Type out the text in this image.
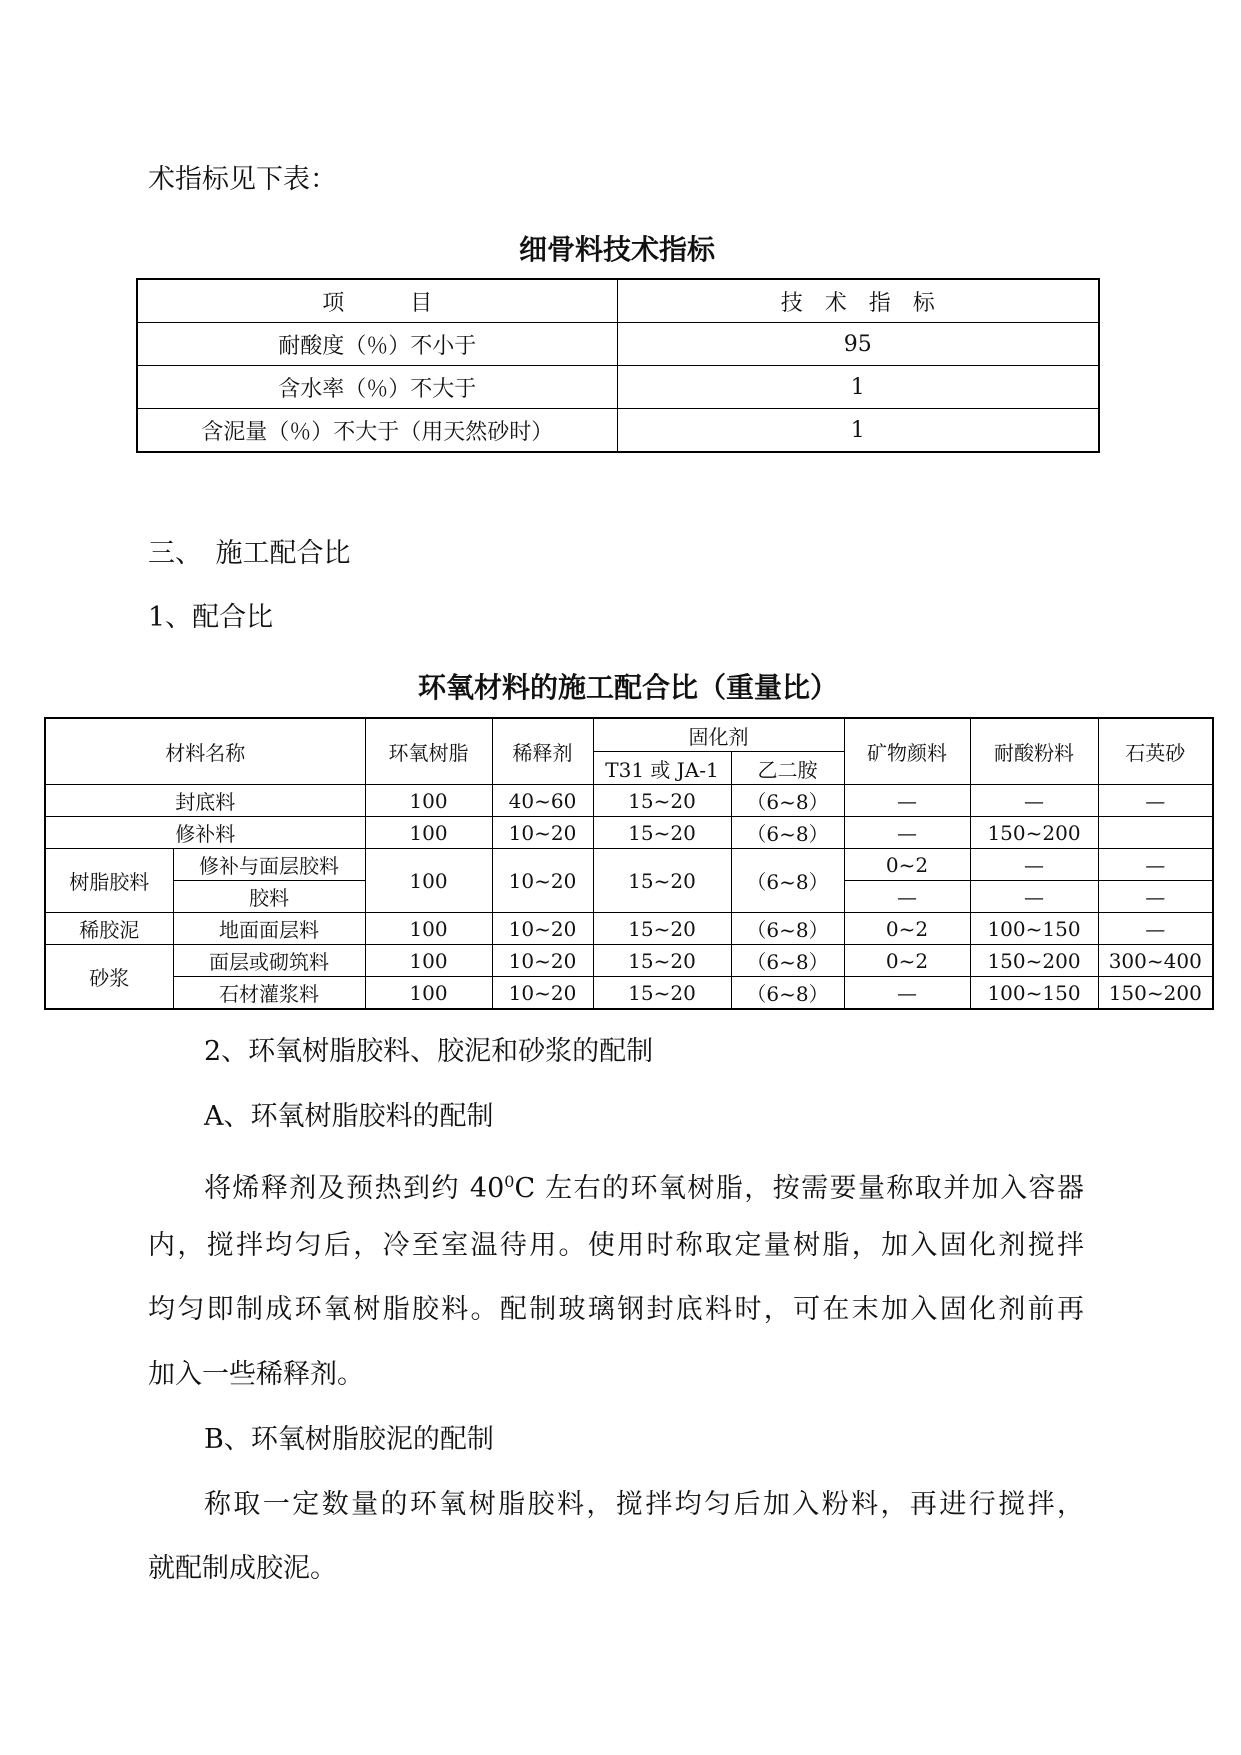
术指标见下表：
细骨料技术指标
项　　　目	技　术　指　标
耐酸度（％）不小于	95
含水率（％）不大于	1
含泥量（％）不大于（用天然砂时）	1
三、　施工配合比
1、配合比
环氧材料的施工配合比（重量比）
材料名称		环氧树脂	稀释剂	固化剂		矿物颜料	耐酸粉料	石英砂
				T31 或 JA-1	乙二胺			
封底料		100	40~60	15~20	（6~8）	—	—	—
修补料		100	10~20	15~20	（6~8）	—	150~200	
树脂胶料	修补与面层胶料	100	10~20	15~20	（6~8）	0~2	—	—
	胶料					—	—	—
稀胶泥	地面面层料	100	10~20	15~20	（6~8）	0~2	100~150	—
砂浆	面层或砌筑料	100	10~20	15~20	（6~8）	0~2	150~200	300~400
	石材灌浆料	100	10~20	15~20	（6~8）	—	100~150	150~200
2、环氧树脂胶料、胶泥和砂浆的配制
A、环氧树脂胶料的配制
将烯释剂及预热到约 $40^0C$ 左右的环氧树脂，按需要量称取并加入容器
内，搅拌均匀后，冷至室温待用。使用时称取定量树脂，加入固化剂搅拌
均匀即制成环氧树脂胶料。配制玻璃钢封底料时，可在末加入固化剂前再
加入一些稀释剂。
B、环氧树脂胶泥的配制
称取一定数量的环氧树脂胶料，搅拌均匀后加入粉料，再进行搅拌，
就配制成胶泥。
